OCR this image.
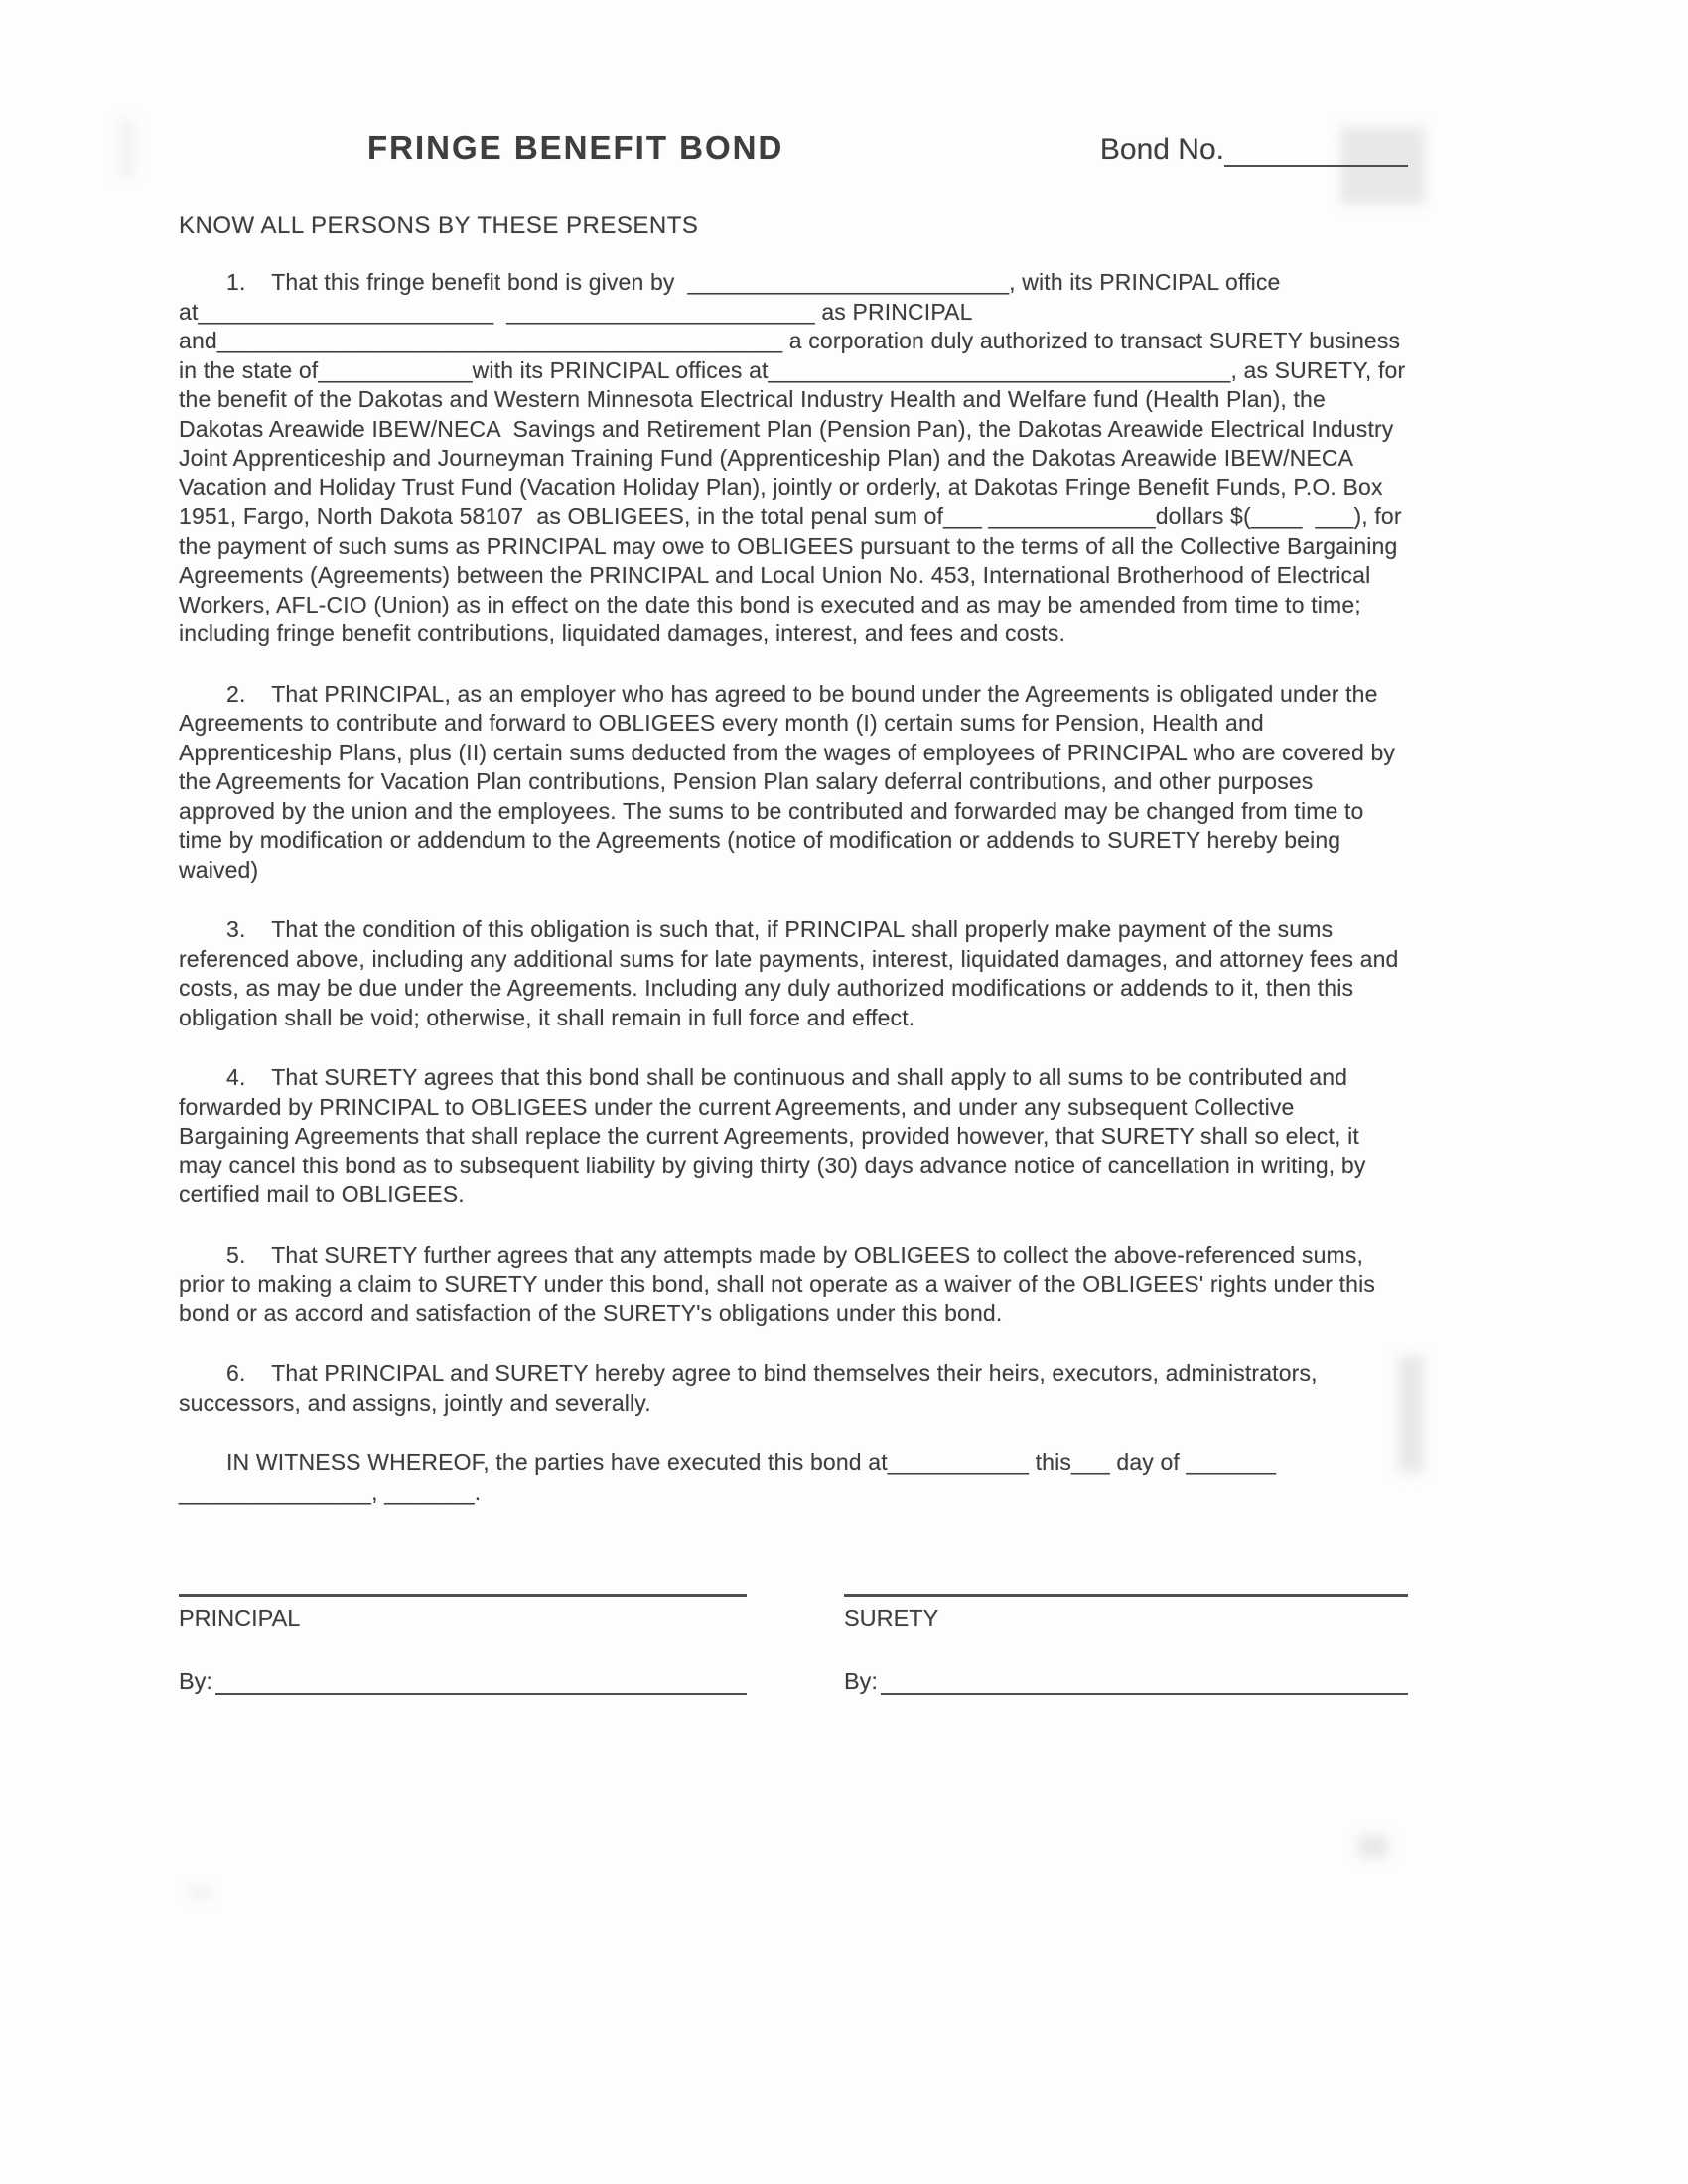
FRINGE BENEFIT BOND	Bond No.
KNOW ALL PERSONS BY THESE PRESENTS

1.    That this fringe benefit bond is given by  _________________________, with its PRINCIPAL office at_______________________  ________________________ as PRINCIPAL and____________________________________________ a corporation duly authorized to transact SURETY business in the state of____________with its PRINCIPAL offices at____________________________________, as SURETY, for the benefit of the Dakotas and Western Minnesota Electrical Industry Health and Welfare fund (Health Plan), the Dakotas Areawide IBEW/NECA  Savings and Retirement Plan (Pension Pan), the Dakotas Areawide Electrical Industry Joint Apprenticeship and Journeyman Training Fund (Apprenticeship Plan) and the Dakotas Areawide IBEW/NECA Vacation and Holiday Trust Fund (Vacation Holiday Plan), jointly or orderly, at Dakotas Fringe Benefit Funds, P.O. Box 1951, Fargo, North Dakota 58107  as OBLIGEES, in the total penal sum of___ _____________dollars $(____  ___), for the payment of such sums as PRINCIPAL may owe to OBLIGEES pursuant to the terms of all the Collective Bargaining Agreements (Agreements) between the PRINCIPAL and Local Union No. 453, International Brotherhood of Electrical Workers, AFL-CIO (Union) as in effect on the date this bond is executed and as may be amended from time to time; including fringe benefit contributions, liquidated damages, interest, and fees and costs.

2.    That PRINCIPAL, as an employer who has agreed to be bound under the Agreements is obligated under the Agreements to contribute and forward to OBLIGEES every month (I) certain sums for Pension, Health and Apprenticeship Plans, plus (II) certain sums deducted from the wages of employees of PRINCIPAL who are covered by the Agreements for Vacation Plan contributions, Pension Plan salary deferral contributions, and other purposes approved by the union and the employees. The sums to be contributed and forwarded may be changed from time to time by modification or addendum to the Agreements (notice of modification or addends to SURETY hereby being waived)

3.    That the condition of this obligation is such that, if PRINCIPAL shall properly make payment of the sums referenced above, including any additional sums for late payments, interest, liquidated damages, and attorney fees and costs, as may be due under the Agreements. Including any duly authorized modifications or addends to it, then this obligation shall be void; otherwise, it shall remain in full force and effect.

4.    That SURETY agrees that this bond shall be continuous and shall apply to all sums to be contributed and forwarded by PRINCIPAL to OBLIGEES under the current Agreements, and under any subsequent Collective Bargaining Agreements that shall replace the current Agreements, provided however, that SURETY shall so elect, it may cancel this bond as to subsequent liability by giving thirty (30) days advance notice of cancellation in writing, by certified mail to OBLIGEES.

5.    That SURETY further agrees that any attempts made by OBLIGEES to collect the above-referenced sums, prior to making a claim to SURETY under this bond, shall not operate as a waiver of the OBLIGEES' rights under this bond or as accord and satisfaction of the SURETY's obligations under this bond.

6.    That PRINCIPAL and SURETY hereby agree to bind themselves their heirs, executors, administrators, successors, and assigns, jointly and severally.

IN WITNESS WHEREOF, the parties have executed this bond at___________ this___ day of _______

_______________, _______.

PRINCIPAL
By:
SURETY
By:
